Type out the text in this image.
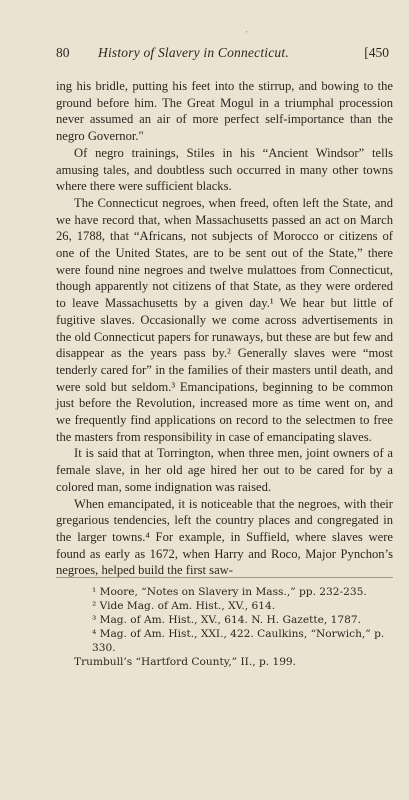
'
80 History of Slavery in Connecticut.	[450

ing his bridle, putting his feet into the stirrup, and bowing to the ground before him. The Great Mogul in a triumphal procession never assumed an air of more perfect self-importance than the negro Governor."

Of negro trainings, Stiles in his “Ancient Windsor” tells amusing tales, and doubtless such occurred in many other towns where there were sufficient blacks.

The Connecticut negroes, when freed, often left the State, and we have record that, when Massachusetts passed an act on March 26, 1788, that “Africans, not subjects of Morocco or citizens of one of the United States, are to be sent out of the State,” there were found nine negroes and twelve mulattoes from Connecticut, though apparently not citizens of that State, as they were ordered to leave Massachusetts by a given day.¹ We hear but little of fugitive slaves. Occasionally we come across advertisements in the old Connecticut papers for runaways, but these are but few and disappear as the years pass by.² Generally slaves were “most tenderly cared for” in the families of their masters until death, and were sold but seldom.³ Emancipations, beginning to be common just before the Revolution, increased more as time went on, and we frequently find applications on record to the selectmen to free the masters from responsibility in case of emancipating slaves.

It is said that at Torrington, when three men, joint owners of a female slave, in her old age hired her out to be cared for by a colored man, some indignation was raised.

When emancipated, it is noticeable that the negroes, with their gregarious tendencies, left the country places and congregated in the larger towns.⁴ For example, in Suffield, where slaves were found as early as 1672, when Harry and Roco, Major Pynchon’s negroes, helped build the first saw-

¹ Moore, “Notes on Slavery in Mass.,” pp. 232-235.
² Vide Mag. of Am. Hist., XV., 614.
³ Mag. of Am. Hist., XV., 614. N. H. Gazette, 1787.
⁴ Mag. of Am. Hist., XXI., 422. Caulkins, “Norwich,” p. 330.
Trumbull’s “Hartford County,” II., p. 199.
